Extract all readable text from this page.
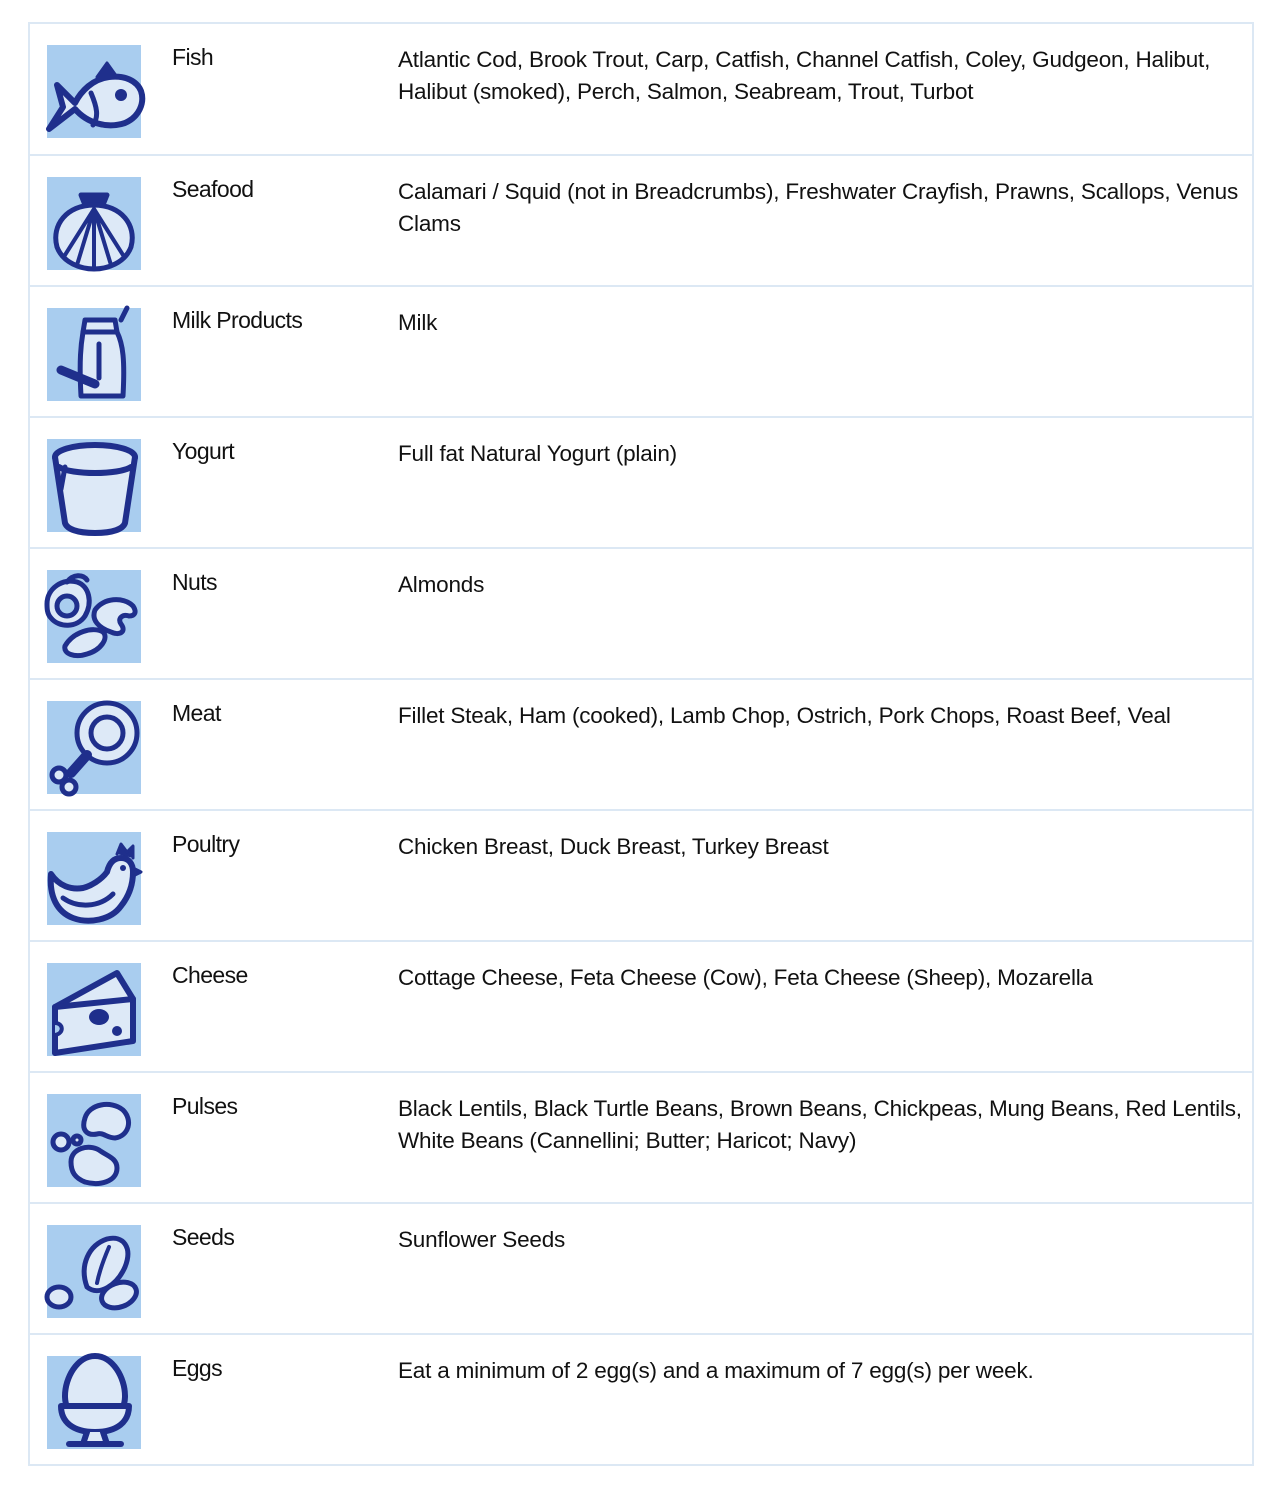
Fish	Atlantic Cod, Brook Trout, Carp, Catfish, Channel Catfish, Coley, Gudgeon, Halibut, Halibut (smoked), Perch, Salmon, Seabream, Trout, Turbot
Seafood	Calamari / Squid (not in Breadcrumbs), Freshwater Crayfish, Prawns, Scallops, Venus Clams
Milk Products	Milk
Yogurt	Full fat Natural Yogurt (plain)
Nuts	Almonds
Meat	Fillet Steak, Ham (cooked), Lamb Chop, Ostrich, Pork Chops, Roast Beef, Veal
Poultry	Chicken Breast, Duck Breast, Turkey Breast
Cheese	Cottage Cheese, Feta Cheese (Cow), Feta Cheese (Sheep), Mozarella
Pulses	Black Lentils, Black Turtle Beans, Brown Beans, Chickpeas, Mung Beans, Red Lentils, White Beans (Cannellini; Butter; Haricot; Navy)
Seeds	Sunflower Seeds
Eggs	Eat a minimum of 2 egg(s) and a maximum of 7 egg(s) per week.
